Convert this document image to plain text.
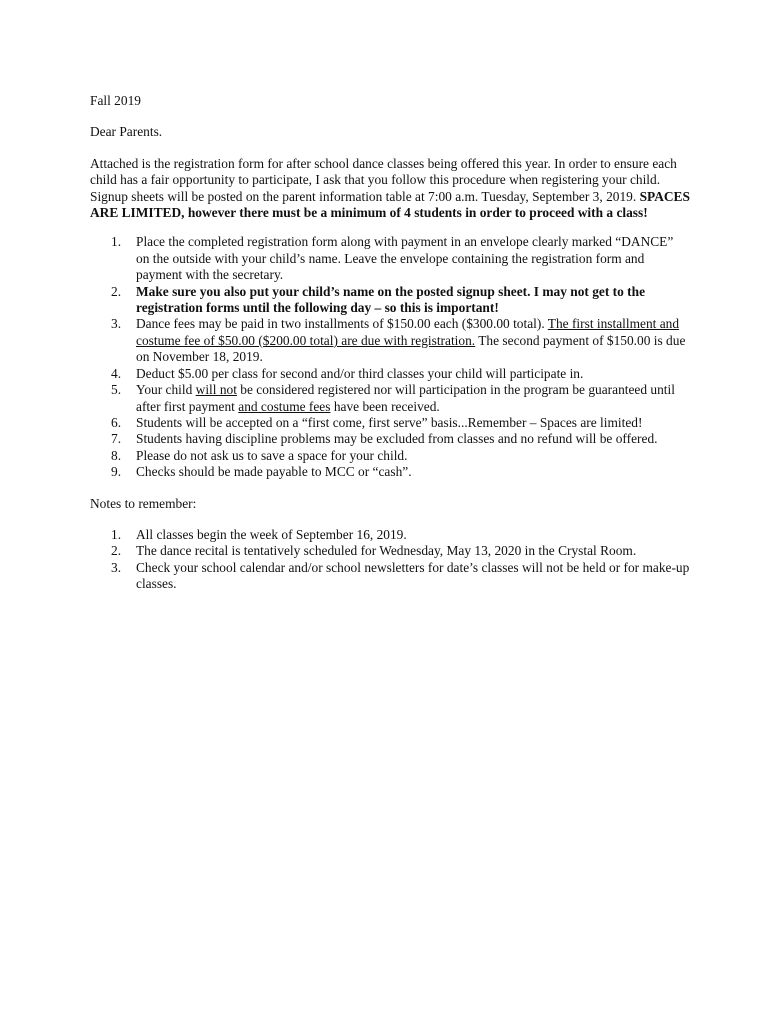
Fall 2019

Dear Parents.

Attached is the registration form for after school dance classes being offered this year. In order to ensure each child has a fair opportunity to participate, I ask that you follow this procedure when registering your child. Signup sheets will be posted on the parent information table at 7:00 a.m. Tuesday, September 3, 2019. SPACES ARE LIMITED, however there must be a minimum of 4 students in order to proceed with a class!

1. Place the completed registration form along with payment in an envelope clearly marked “DANCE” on the outside with your child’s name. Leave the envelope containing the registration form and payment with the secretary.
2. Make sure you also put your child’s name on the posted signup sheet. I may not get to the registration forms until the following day – so this is important!
3. Dance fees may be paid in two installments of $150.00 each ($300.00 total). The first installment and costume fee of $50.00 ($200.00 total) are due with registration. The second payment of $150.00 is due on November 18, 2019.
4. Deduct $5.00 per class for second and/or third classes your child will participate in.
5. Your child will not be considered registered nor will participation in the program be guaranteed until after first payment and costume fees have been received.
6. Students will be accepted on a “first come, first serve” basis...Remember – Spaces are limited!
7. Students having discipline problems may be excluded from classes and no refund will be offered.
8. Please do not ask us to save a space for your child.
9. Checks should be made payable to MCC or “cash”.

Notes to remember:

1. All classes begin the week of September 16, 2019.
2. The dance recital is tentatively scheduled for Wednesday, May 13, 2020 in the Crystal Room.
3. Check your school calendar and/or school newsletters for date’s classes will not be held or for make-up classes.
